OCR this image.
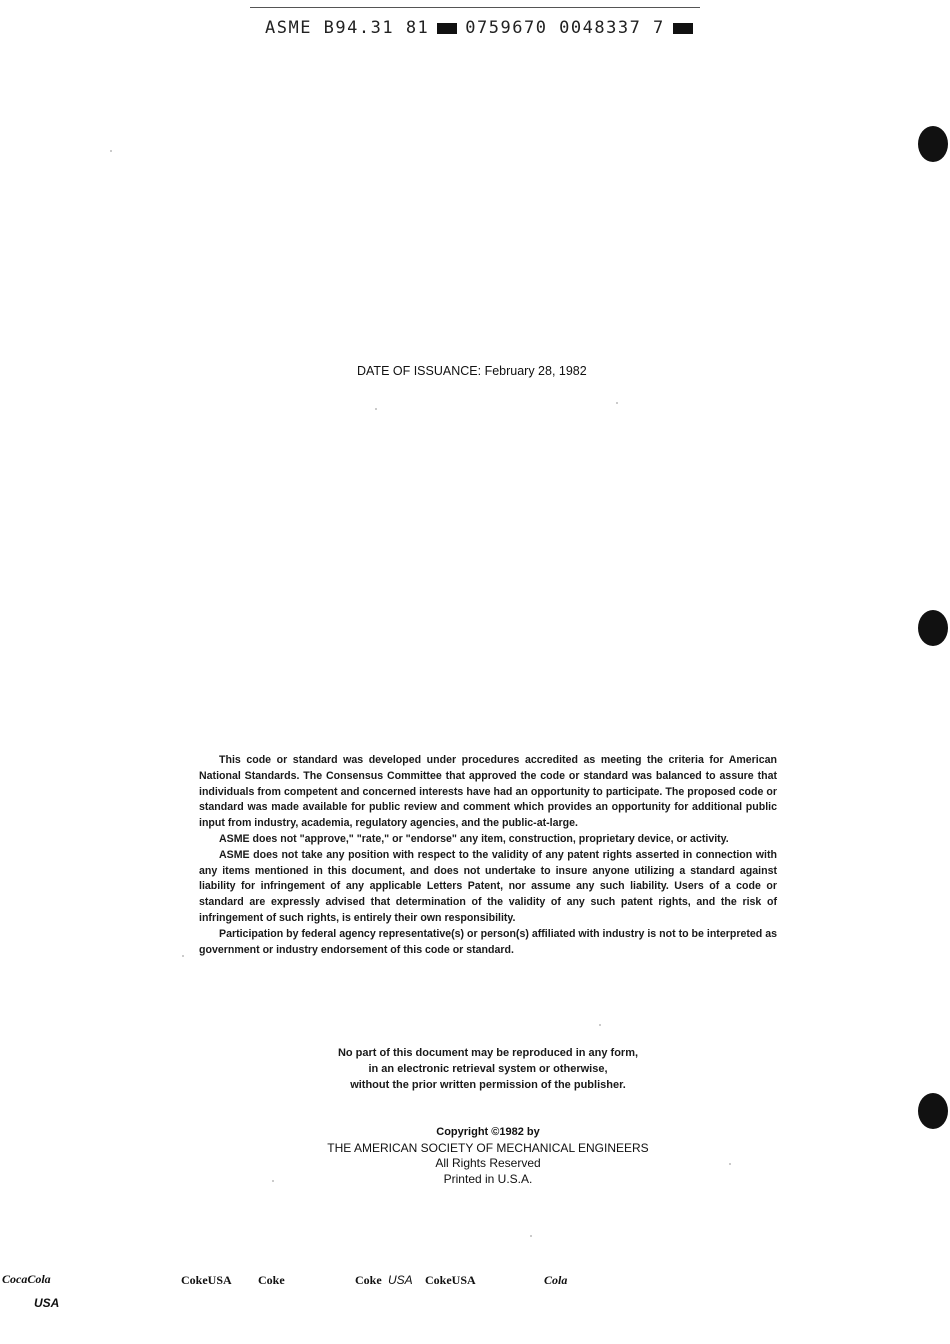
ASME B94.31 81 0759670 0048337 7
DATE OF ISSUANCE: February 28, 1982

This code or standard was developed under procedures accredited as meeting the criteria for American National Standards. The Consensus Committee that approved the code or standard was balanced to assure that individuals from competent and concerned interests have had an opportunity to participate. The proposed code or standard was made available for public review and comment which provides an opportunity for additional public input from industry, academia, regulatory agencies, and the public-at-large.

ASME does not "approve," "rate," or "endorse" any item, construction, proprietary device, or activity.

ASME does not take any position with respect to the validity of any patent rights asserted in connection with any items mentioned in this document, and does not undertake to insure anyone utilizing a standard against liability for infringement of any applicable Letters Patent, nor assume any such liability. Users of a code or standard are expressly advised that determination of the validity of any such patent rights, and the risk of infringement of such rights, is entirely their own responsibility.

Participation by federal agency representative(s) or person(s) affiliated with industry is not to be interpreted as government or industry endorsement of this code or standard.

No part of this document may be reproduced in any form,
in an electronic retrieval system or otherwise,
without the prior written permission of the publisher.
Copyright ©1982 by
THE AMERICAN SOCIETY OF MECHANICAL ENGINEERS
All Rights Reserved
Printed in U.S.A.
CocaCola
USA
CokeUSA Coke	Coke USA CokeUSA	Cola
